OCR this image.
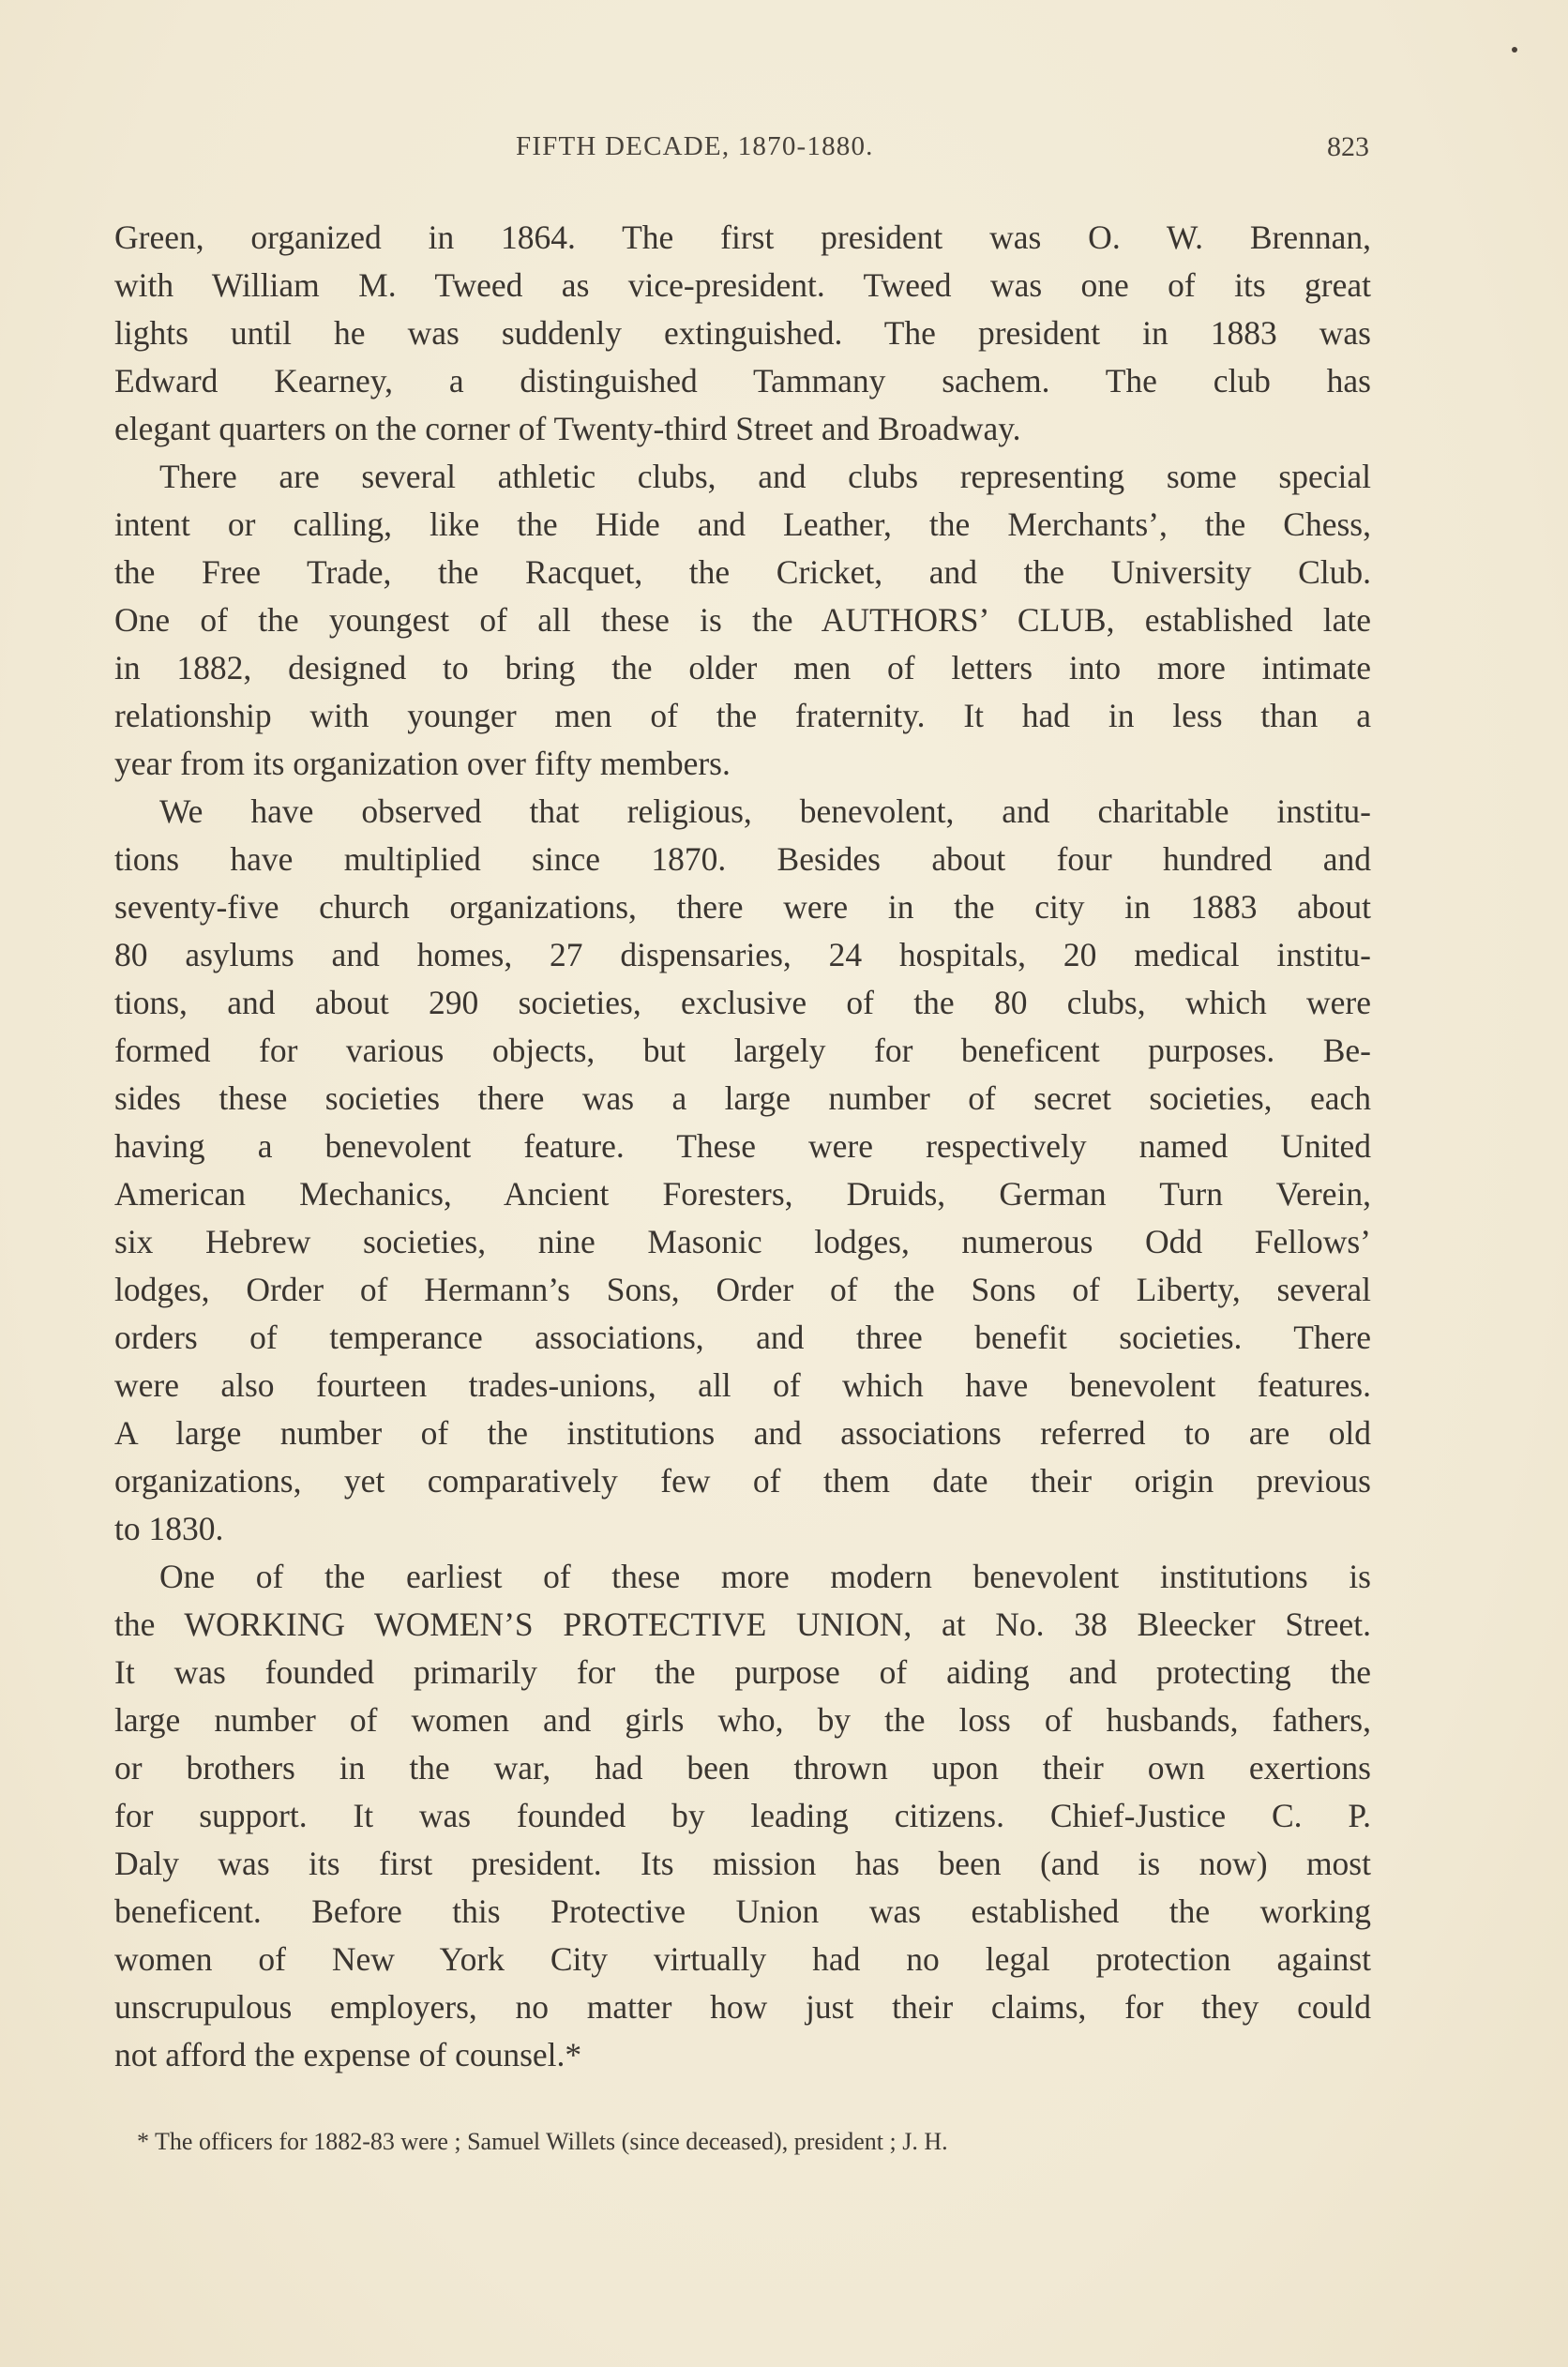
FIFTH DECADE, 1870-1880.	823
Green, organized in 1864. The first president was O. W. Brennan,
with William M. Tweed as vice-president. Tweed was one of its great
lights until he was suddenly extinguished. The president in 1883 was
Edward Kearney, a distinguished Tammany sachem. The club has
elegant quarters on the corner of Twenty-third Street and Broadway.
There are several athletic clubs, and clubs representing some special
intent or calling, like the Hide and Leather, the Merchants’, the Chess,
the Free Trade, the Racquet, the Cricket, and the University Club.
One of the youngest of all these is the AUTHORS’ CLUB, established late
in 1882, designed to bring the older men of letters into more intimate
relationship with younger men of the fraternity. It had in less than a
year from its organization over fifty members.
We have observed that religious, benevolent, and charitable institu-
tions have multiplied since 1870. Besides about four hundred and
seventy-five church organizations, there were in the city in 1883 about
80 asylums and homes, 27 dispensaries, 24 hospitals, 20 medical institu-
tions, and about 290 societies, exclusive of the 80 clubs, which were
formed for various objects, but largely for beneficent purposes. Be-
sides these societies there was a large number of secret societies, each
having a benevolent feature. These were respectively named United
American Mechanics, Ancient Foresters, Druids, German Turn Verein,
six Hebrew societies, nine Masonic lodges, numerous Odd Fellows’
lodges, Order of Hermann’s Sons, Order of the Sons of Liberty, several
orders of temperance associations, and three benefit societies. There
were also fourteen trades-unions, all of which have benevolent features.
A large number of the institutions and associations referred to are old
organizations, yet comparatively few of them date their origin previous
to 1830.
One of the earliest of these more modern benevolent institutions is
the WORKING WOMEN’S PROTECTIVE UNION, at No. 38 Bleecker Street.
It was founded primarily for the purpose of aiding and protecting the
large number of women and girls who, by the loss of husbands, fathers,
or brothers in the war, had been thrown upon their own exertions
for support. It was founded by leading citizens. Chief-Justice C. P.
Daly was its first president. Its mission has been (and is now) most
beneficent. Before this Protective Union was established the working
women of New York City virtually had no legal protection against
unscrupulous employers, no matter how just their claims, for they could
not afford the expense of counsel.*
* The officers for 1882-83 were ; Samuel Willets (since deceased), president ; J. H.
